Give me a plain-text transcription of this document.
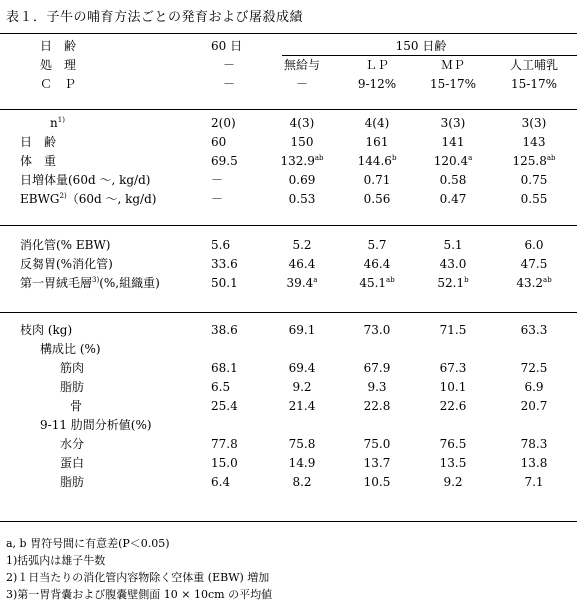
表１．子牛の哺育方法ごとの発育および屠殺成績
日　齢	60 日	150 日齢			
処　理	－	無給与	ＬＰ	ＭＰ	人工哺乳
Ｃ　Ｐ	－	－	9-12%	15-17%	15-17%
$n^{1)}$	2(0)	4(3)	4(4)	3(3)	3(3)
日　齢	60	150	161	141	143
体　重	69.5	132.9$^{ab}$	144.6$^b$	120.4$^a$	125.8$^{ab}$
日増体量(60d ～, kg/d)	－	0.69	0.71	0.58	0.75
EBWG$^{2)}$（60d ～, kg/d)	－	0.53	0.56	0.47	0.55
消化管(% EBW)	5.6	5.2	5.7	5.1	6.0
反芻胃(%消化管)	33.6	46.4	46.4	43.0	47.5
第一胃絨毛層$^{3)}$(%,組織重)	50.1	39.4$^a$	45.1$^{ab}$	52.1$^b$	43.2$^{ab}$
枝肉 (kg)	38.6	69.1	73.0	71.5	63.3
構成比 (%)					
筋肉	68.1	69.4	67.9	67.3	72.5
脂肪	6.5	9.2	9.3	10.1	6.9
骨	25.4	21.4	22.8	22.6	20.7
9-11 肋間分析値(%)					
水分	77.8	75.8	75.0	76.5	78.3
蛋白	15.0	14.9	13.7	13.5	13.8
脂肪	6.4	8.2	10.5	9.2	7.1
a, b 胃符号間に有意差(P＜0.05)
1)括弧内は雄子牛数
2)１日当たりの消化管内容物除く空体重 (EBW) 増加
3)第一胃背嚢および腹嚢壁側面 10 × 10cm の平均値
